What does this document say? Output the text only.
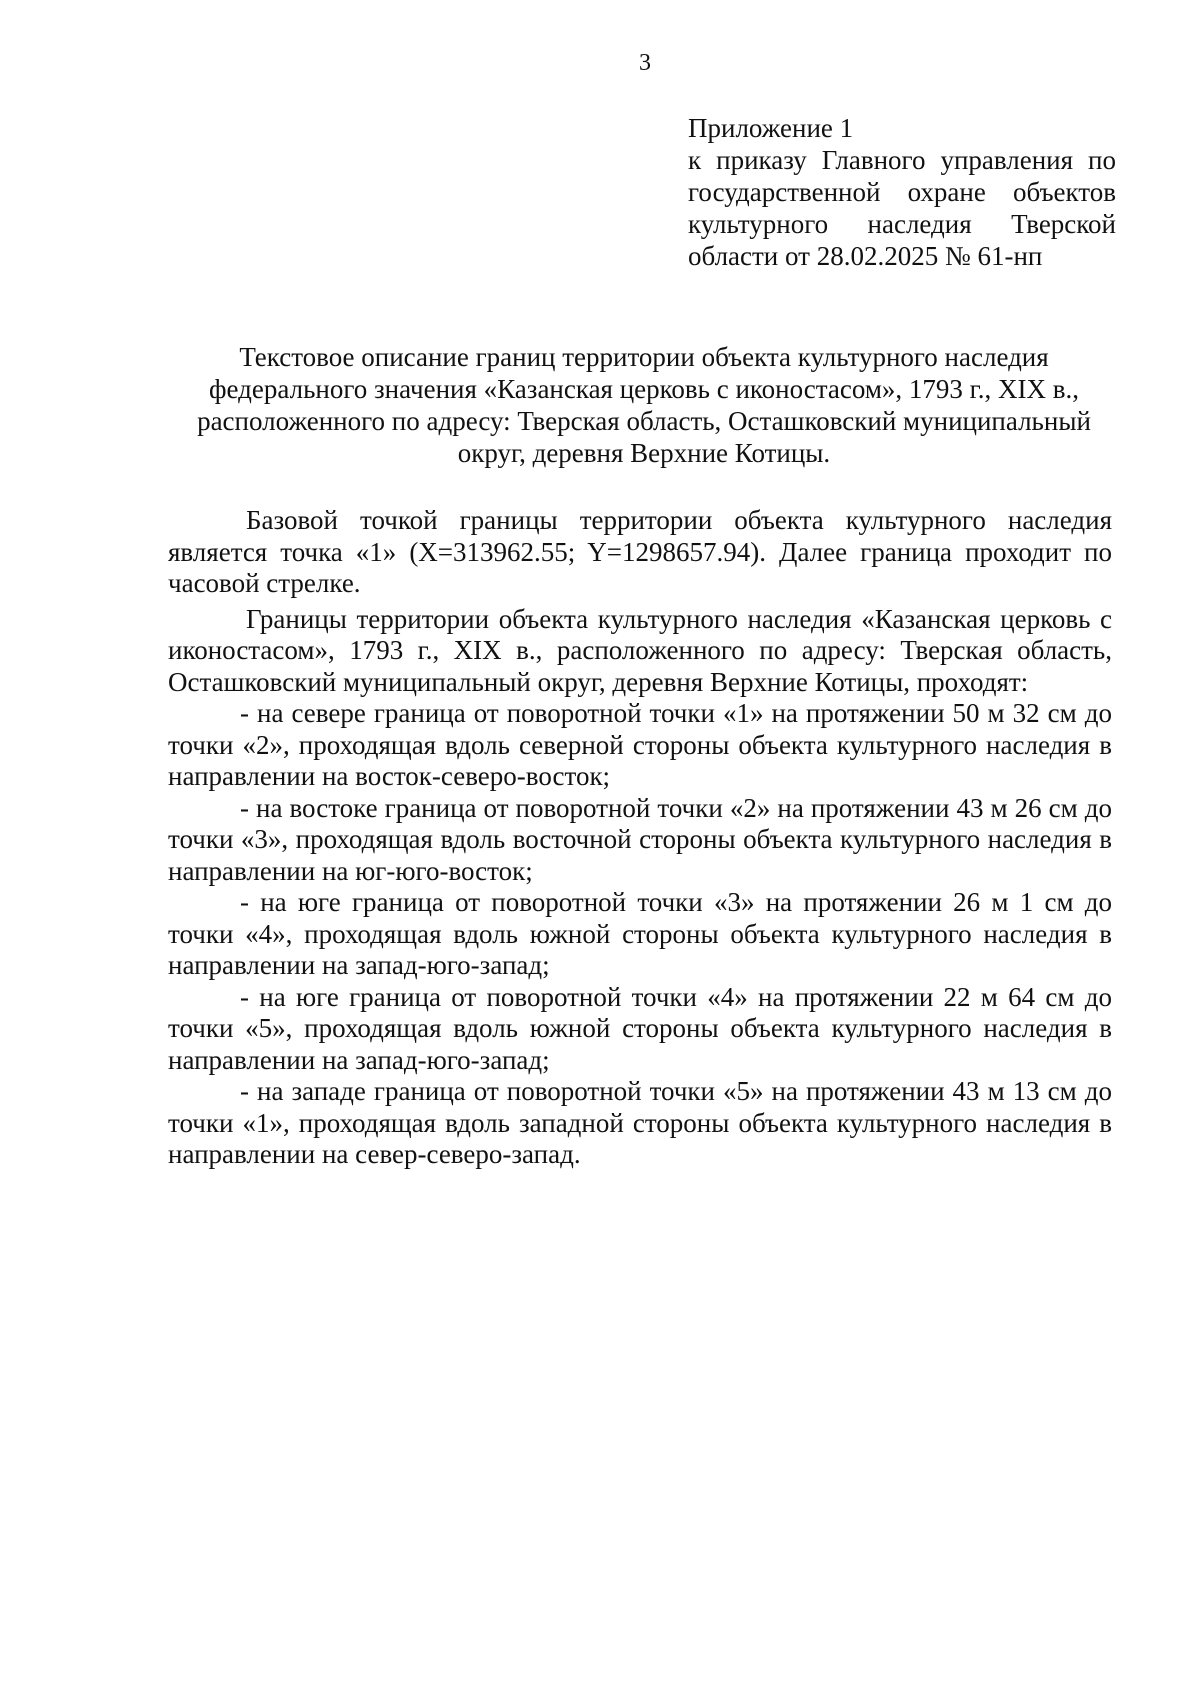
3
Приложение 1
к приказу Главного управления по государственной охране объектов культурного наследия Тверской области от 28.02.2025 № 61-нп
Текстовое описание границ территории объекта культурного наследия федерального значения «Казанская церковь с иконостасом», 1793 г., XIX в., расположенного по адресу: Тверская область, Осташковский муниципальный округ, деревня Верхние Котицы.

Базовой точкой границы территории объекта культурного наследия является точка «1» (X=313962.55; Y=1298657.94). Далее граница проходит по часовой стрелке.

Границы территории объекта культурного наследия «Казанская церковь с иконостасом», 1793 г., XIX в., расположенного по адресу: Тверская область, Осташковский муниципальный округ, деревня Верхние Котицы, проходят:

- на севере граница от поворотной точки «1» на протяжении 50 м 32 см до точки «2», проходящая вдоль северной стороны объекта культурного наследия в направлении на восток-северо-восток;

- на востоке граница от поворотной точки «2» на протяжении 43 м 26 см до точки «3», проходящая вдоль восточной стороны объекта культурного наследия в направлении на юг-юго-восток;

- на юге граница от поворотной точки «3» на протяжении 26 м 1 см до точки «4», проходящая вдоль южной стороны объекта культурного наследия в направлении на запад-юго-запад;

- на юге граница от поворотной точки «4» на протяжении 22 м 64 см до точки «5», проходящая вдоль южной стороны объекта культурного наследия в направлении на запад-юго-запад;

- на западе граница от поворотной точки «5» на протяжении 43 м 13 см до точки «1», проходящая вдоль западной стороны объекта культурного наследия в направлении на север-северо-запад.
